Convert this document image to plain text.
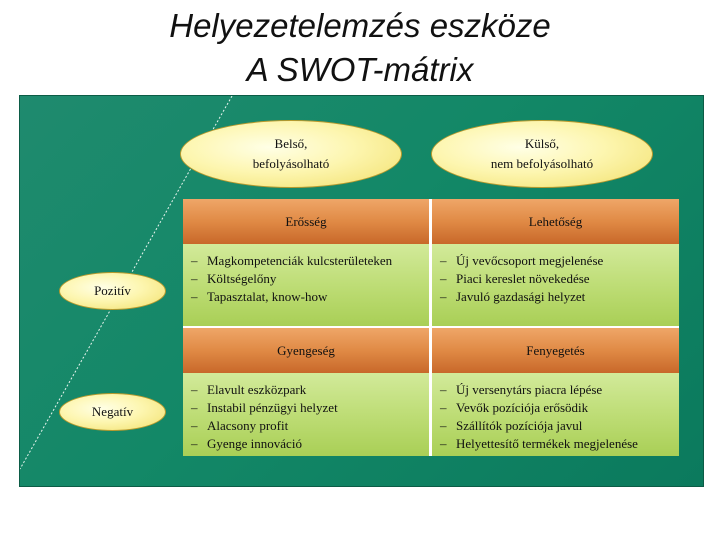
Helyezetelemzés eszköze
A SWOT-mátrix
Belső,
befolyásolható
Külső,
nem befolyásolható
Pozitív
Negatív
Erősség	Lehetőség
– Magkompetenciák kulcsterületeken
– Költségelőny
– Tapasztalat, know-how
– Új vevőcsoport megjelenése
– Piaci kereslet növekedése
– Javuló gazdasági helyzet
Gyengeség	Fenyegetés
– Elavult eszközpark
– Instabil pénzügyi helyzet
– Alacsony profit
– Gyenge innováció
– Új versenytárs piacra lépése
– Vevők pozíciója erősödik
– Szállítók pozíciója javul
– Helyettesítő termékek megjelenése
